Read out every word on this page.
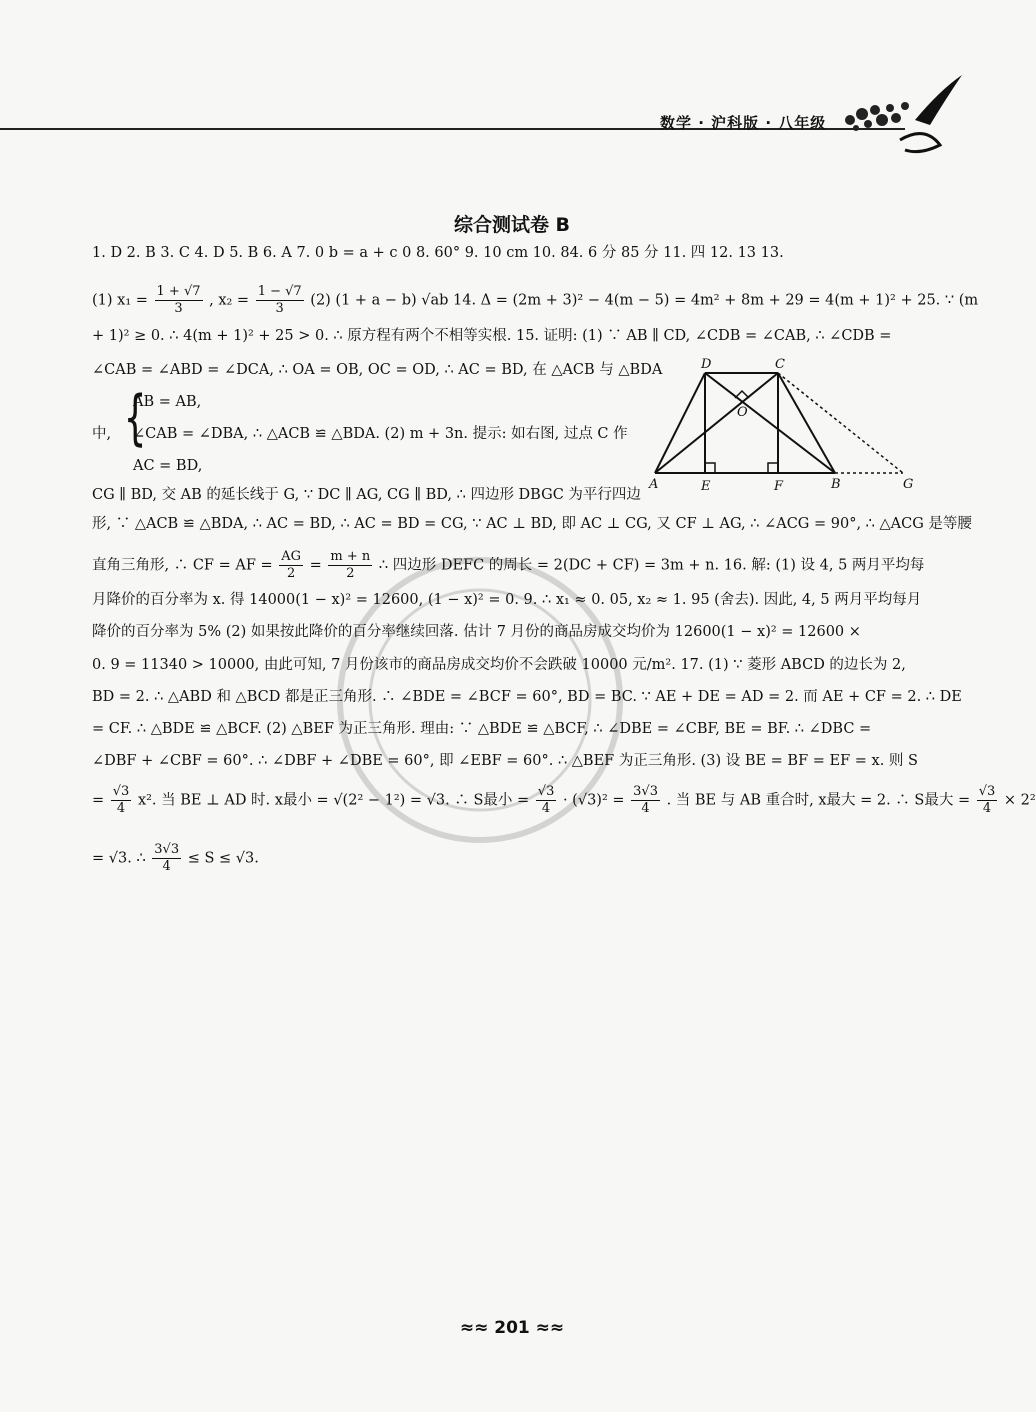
数学 · 沪科版 · 八年级
综合测试卷 B
1. D 2. B 3. C 4. D 5. B 6. A 7. 0 b = a + c 0 8. 60° 9. 10 cm 10. 84. 6 分 85 分 11. 四 12. 13 13.
(1) $x_1 = \frac{1 + √7}{3}$ , $x_2 = \frac{1 - √7}{3} (2) (1 + a - b)$ √ab 14. Δ = (2m + 3)² − 4(m − 5) = 4m² + 8m + 29 = 4(m + 1)² + 25. ∵ (m
+ 1)² ≥ 0. ∴ 4(m + 1)² + 25 > 0. ∴ 原方程有两个不相等实根. 15. 证明: (1) ∵ AB ∥ CD, ∠CDB = ∠CAB, ∴ ∠CDB =
∠CAB = ∠ABD = ∠DCA, ∴ OA = OB, OC = OD, ∴ AC = BD, 在 △ACB 与 △BDA
{
AB = AB,
中, ∠CAB = ∠DBA, ∴ △ACB ≌ △BDA. (2) m + 3n. 提示: 如右图, 过点 C 作
AC = BD,
D	C
O
A	E	F	B	G
CG ∥ BD, 交 AB 的延长线于 G, ∵ DC ∥ AG, CG ∥ BD, ∴ 四边形 DBGC 为平行四边
形, ∵ △ACB ≌ △BDA, ∴ AC = BD, ∴ AC = BD = CG, ∵ AC ⊥ BD, 即 AC ⊥ CG, 又 CF ⊥ AG, ∴ ∠ACG = 90°, ∴ △ACG 是等腰
直角三角形, ∴ CF = AF = $\frac{AG}{2} = \frac{m + n}{2}$ ∴ 四边形 DEFC 的周长 = 2(DC + CF) = 3m + n. 16. 解: (1) 设 4, 5 两月平均每
月降价的百分率为 x. 得 14000(1 − x)² = 12600, (1 − x)² = 0. 9. ∴ x₁ ≈ 0. 05, x₂ ≈ 1. 95 (舍去). 因此, 4, 5 两月平均每月
降价的百分率为 5% (2) 如果按此降价的百分率继续回落. 估计 7 月份的商品房成交均价为 12600(1 − x)² = 12600 ×
0. 9 = 11340 > 10000, 由此可知, 7 月份该市的商品房成交均价不会跌破 10000 元/m². 17. (1) ∵ 菱形 ABCD 的边长为 2,
BD = 2. ∴ △ABD 和 △BCD 都是正三角形. ∴ ∠BDE = ∠BCF = 60°, BD = BC. ∵ AE + DE = AD = 2. 而 AE + CF = 2. ∴ DE
= CF. ∴ △BDE ≌ △BCF. (2) △BEF 为正三角形. 理由: ∵ △BDE ≌ △BCF, ∴ ∠DBE = ∠CBF, BE = BF. ∴ ∠DBC =
∠DBF + ∠CBF = 60°. ∴ ∠DBF + ∠DBE = 60°, 即 ∠EBF = 60°. ∴ △BEF 为正三角形. (3) 设 BE = BF = EF = x. 则 S
= $\frac{√3}{4} x^2$. 当 BE ⊥ AD 时. x最小 = √(2² − 1²) = √3. ∴ S最小 = $\frac{√3}{4} \cdot (√3)^2 = \frac{3√3}{4}$ . 当 BE 与 AB 重合时, x最大 = 2. ∴ S最大 = $\frac{√3}{4} \times 2^2$
= √3. ∴ $\frac{3√3}{4} \le S \le √3$.
≈≈ 201 ≈≈
